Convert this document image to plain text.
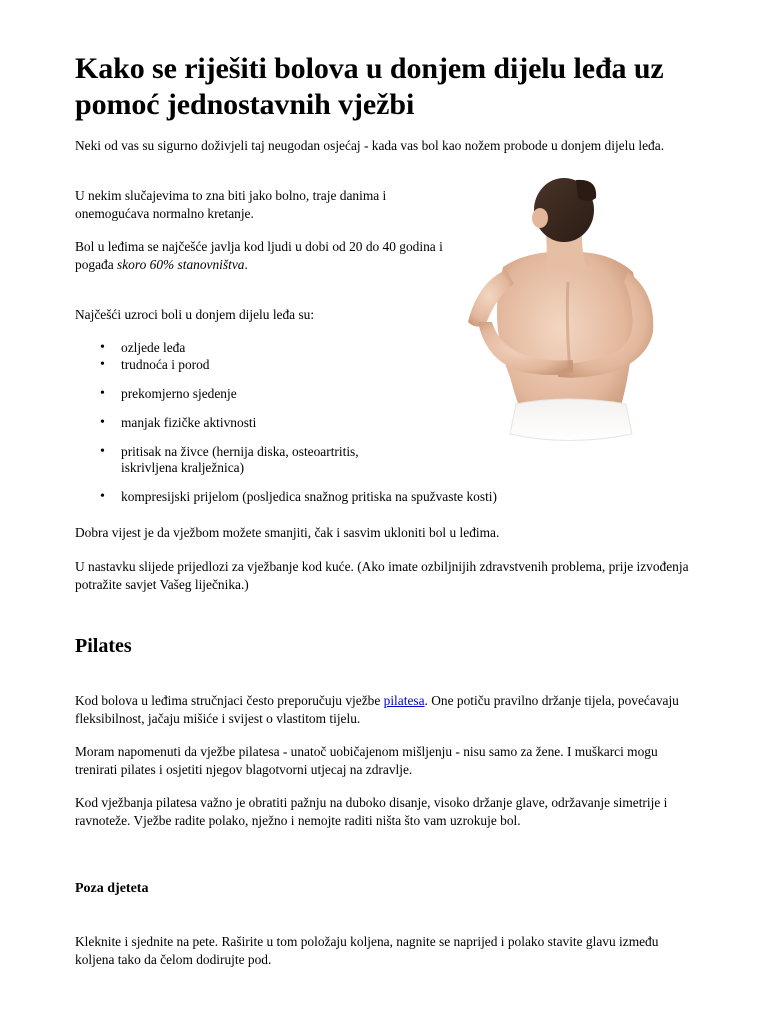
Kako se riješiti bolova u donjem dijelu leđa uz pomoć jednostavnih vježbi

Neki od vas su sigurno doživjeli taj neugodan osjećaj - kada vas bol kao nožem probode u donjem dijelu leđa.

U nekim slučajevima to zna biti jako bolno, traje danima i onemogućava normalno kretanje.

Bol u leđima se najčešće javlja kod ljudi u dobi od 20 do 40 godina i pogađa skoro 60% stanovništva.

Najčešći uzroci boli u donjem dijelu leđa su:

• ozljede leđa
• trudnoća i porod
• prekomjerno sjedenje
• manjak fizičke aktivnosti
• pritisak na živce (hernija diska, osteoartritis, iskrivljena kralježnica)
• kompresijski prijelom (posljedica snažnog pritiska na spužvaste kosti)

Dobra vijest je da vježbom možete smanjiti, čak i sasvim ukloniti bol u leđima.

U nastavku slijede prijedlozi za vježbanje kod kuće. (Ako imate ozbiljnijih zdravstvenih problema, prije izvođenja potražite savjet Vašeg liječnika.)

Pilates

Kod bolova u leđima stručnjaci često preporučuju vježbe pilatesa. One potiču pravilno držanje tijela, povećavaju fleksibilnost, jačaju mišiće i svijest o vlastitom tijelu.

Moram napomenuti da vježbe pilatesa - unatoč uobičajenom mišljenju - nisu samo za žene. I muškarci mogu trenirati pilates i osjetiti njegov blagotvorni utjecaj na zdravlje.

Kod vježbanja pilatesa važno je obratiti pažnju na duboko disanje, visoko držanje glave, održavanje simetrije i ravnoteže. Vježbe radite polako, nježno i nemojte raditi ništa što vam uzrokuje bol.

Poza djeteta

Kleknite i sjednite na pete. Raširite u tom položaju koljena, nagnite se naprijed i polako stavite glavu između koljena tako da čelom dodirujte pod.
